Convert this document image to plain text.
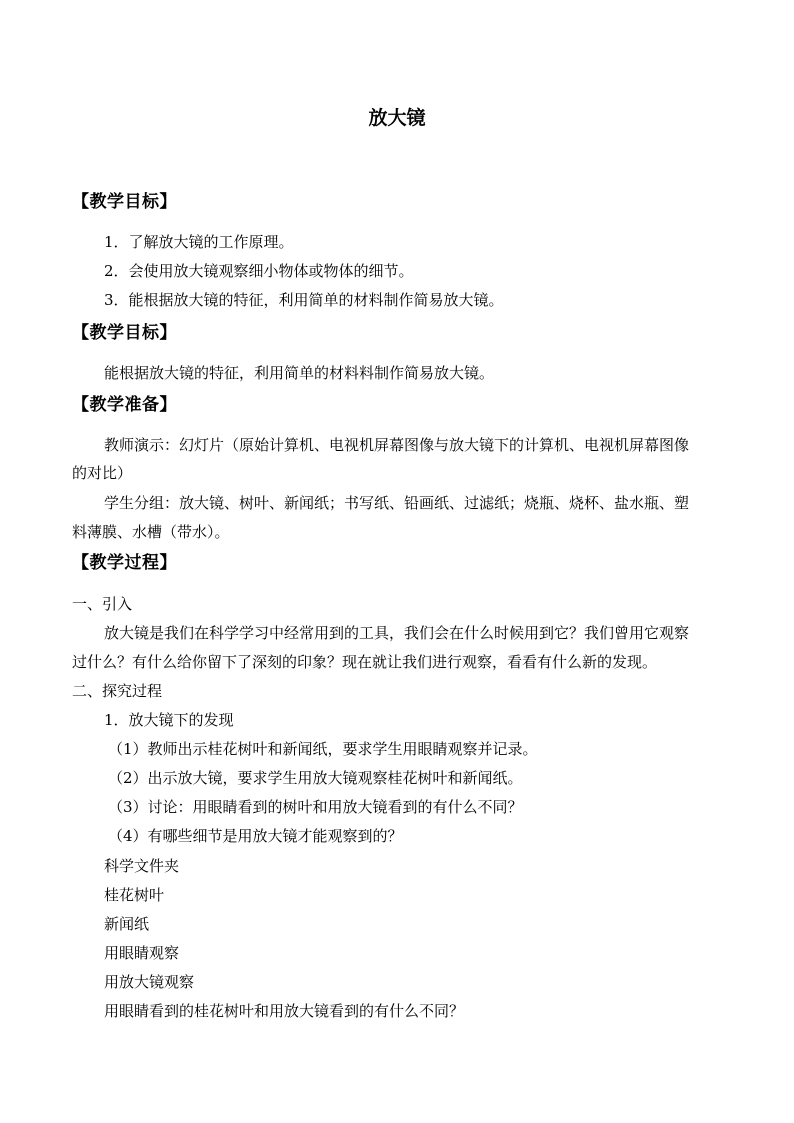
放大镜
【教学目标】
1．了解放大镜的工作原理。
2．会使用放大镜观察细小物体或物体的细节。
3．能根据放大镜的特征，利用简单的材料制作简易放大镜。
【教学目标】
能根据放大镜的特征，利用简单的材料料制作简易放大镜。
【教学准备】
教师演示：幻灯片（原始计算机、电视机屏幕图像与放大镜下的计算机、电视机屏幕图像
的对比）
学生分组：放大镜、树叶、新闻纸；书写纸、铅画纸、过滤纸；烧瓶、烧杯、盐水瓶、塑
料薄膜、水槽（带水）。
【教学过程】
一、引入
放大镜是我们在科学学习中经常用到的工具，我们会在什么时候用到它？我们曾用它观察
过什么？有什么给你留下了深刻的印象？现在就让我们进行观察，看看有什么新的发现。
二、探究过程
1．放大镜下的发现
（1）教师出示桂花树叶和新闻纸，要求学生用眼睛观察并记录。
（2）出示放大镜，要求学生用放大镜观察桂花树叶和新闻纸。
（3）讨论：用眼睛看到的树叶和用放大镜看到的有什么不同？
（4）有哪些细节是用放大镜才能观察到的？
科学文件夹
桂花树叶
新闻纸
用眼睛观察
用放大镜观察
用眼睛看到的桂花树叶和用放大镜看到的有什么不同？
